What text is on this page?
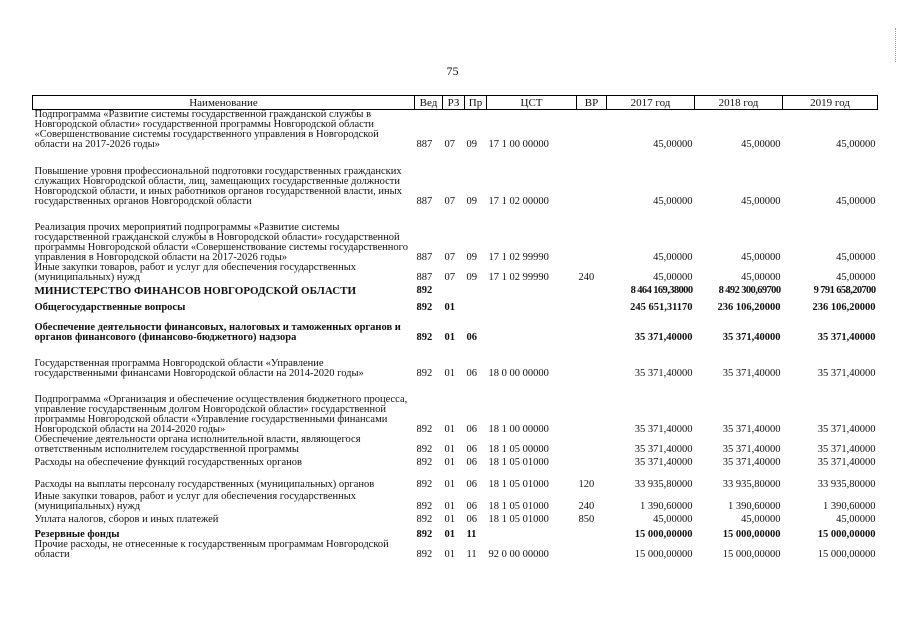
75
Наименование	Вед	РЗ	Пр	ЦСТ	ВР	2017 год	2018 год	2019 год
Подпрограмма «Развитие системы государственной гражданской службы в Новгородской области» государственной программы Новгородской области «Совершенствование системы государственного управления в Новгородской области на 2017-2026 годы»	887	07	09	17 1 00 00000		45,00000	45,00000	45,00000
Повышение уровня профессиональной подготовки государственных гражданских служащих Новгородской области, лиц, замещающих государственные должности Новгородской области, и иных работников органов государственной власти, иных государственных органов Новгородской области	887	07	09	17 1 02 00000		45,00000	45,00000	45,00000
Реализация прочих мероприятий подпрограммы «Развитие системы государственной гражданской службы в Новгородской области» государственной программы Новгородской области «Совершенствование системы государственного управления в Новгородской области на 2017-2026 годы»	887	07	09	17 1 02 99990		45,00000	45,00000	45,00000
Иные закупки товаров, работ и услуг для обеспечения государственных (муниципальных) нужд	887	07	09	17 1 02 99990	240	45,00000	45,00000	45,00000
МИНИСТЕРСТВО ФИНАНСОВ НОВГОРОДСКОЙ ОБЛАСТИ	892					8 464 169,38000	8 492 300,69700	9 791 658,20700
Общегосударственные вопросы	892	01				245 651,31170	236 106,20000	236 106,20000
Обеспечение деятельности финансовых, налоговых и таможенных органов и органов финансового (финансово-бюджетного) надзора	892	01	06			35 371,40000	35 371,40000	35 371,40000
Государственная программа Новгородской области «Управление государственными финансами Новгородской области на 2014-2020 годы»	892	01	06	18 0 00 00000		35 371,40000	35 371,40000	35 371,40000
Подпрограмма «Организация и обеспечение осуществления бюджетного процесса, управление государственным долгом Новгородской области» государственной программы Новгородской области «Управление государственными финансами Новгородской области на 2014-2020 годы»	892	01	06	18 1 00 00000		35 371,40000	35 371,40000	35 371,40000
Обеспечение деятельности органа исполнительной власти, являющегося ответственным исполнителем государственной программы	892	01	06	18 1 05 00000		35 371,40000	35 371,40000	35 371,40000
Расходы на обеспечение функций государственных органов	892	01	06	18 1 05 01000		35 371,40000	35 371,40000	35 371,40000
Расходы на выплаты персоналу государственных (муниципальных) органов	892	01	06	18 1 05 01000	120	33 935,80000	33 935,80000	33 935,80000
Иные закупки товаров, работ и услуг для обеспечения государственных (муниципальных) нужд	892	01	06	18 1 05 01000	240	1 390,60000	1 390,60000	1 390,60000
Уплата налогов, сборов и иных платежей	892	01	06	18 1 05 01000	850	45,00000	45,00000	45,00000
Резервные фонды	892	01	11			15 000,00000	15 000,00000	15 000,00000
Прочие расходы, не отнесенные к государственным программам Новгородской области	892	01	11	92 0 00 00000		15 000,00000	15 000,00000	15 000,00000
